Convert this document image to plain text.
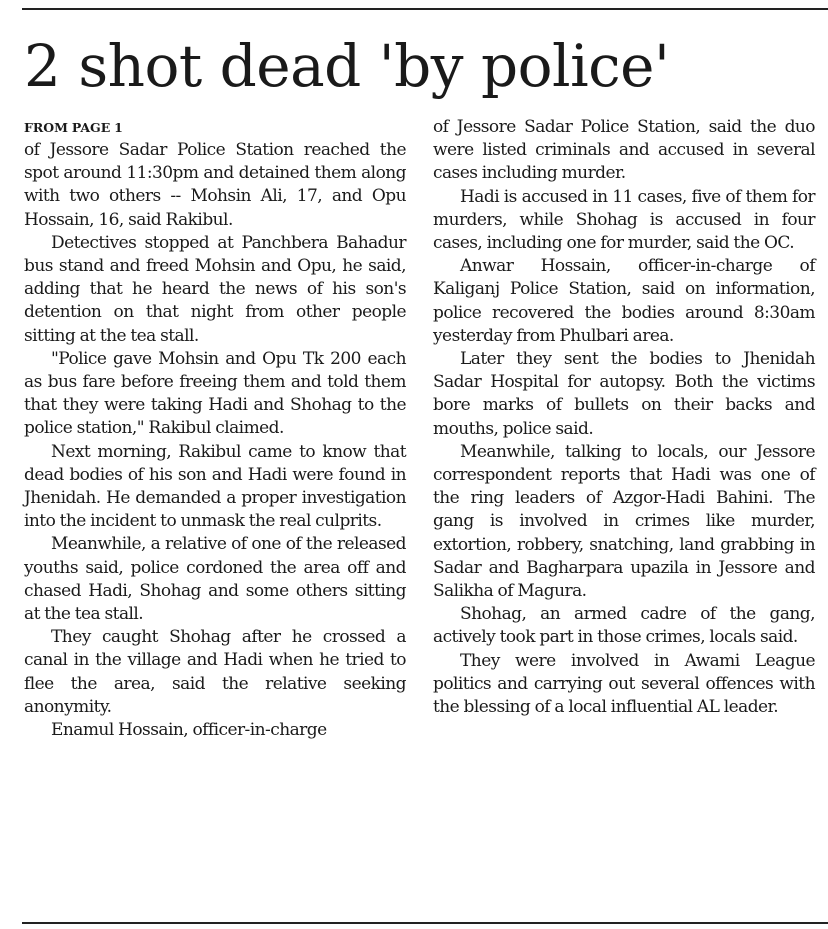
2 shot dead 'by police'
FROM PAGE 1

of Jessore Sadar Police Station reached the spot around 11:30pm and detained them along with two others -- Mohsin Ali, 17, and Opu Hossain, 16, said Rakibul.

Detectives stopped at Panchbera Bahadur bus stand and freed Mohsin and Opu, he said, adding that he heard the news of his son's detention on that night from other people sitting at the tea stall.

"Police gave Mohsin and Opu Tk 200 each as bus fare before freeing them and told them that they were taking Hadi and Shohag to the police station," Rakibul claimed.

Next morning, Rakibul came to know that dead bodies of his son and Hadi were found in Jhenidah. He demanded a proper investigation into the incident to unmask the real culprits.

Meanwhile, a relative of one of the released youths said, police cordoned the area off and chased Hadi, Shohag and some others sitting at the tea stall.

They caught Shohag after he crossed a canal in the village and Hadi when he tried to flee the area, said the relative seeking anonymity.

Enamul Hossain, officer-in-charge

of Jessore Sadar Police Station, said the duo were listed criminals and accused in several cases including murder.

Hadi is accused in 11 cases, five of them for murders, while Shohag is accused in four cases, including one for murder, said the OC.

Anwar Hossain, officer-in-charge of Kaliganj Police Station, said on information, police recovered the bodies around 8:30am yesterday from Phulbari area.

Later they sent the bodies to Jhenidah Sadar Hospital for autopsy. Both the victims bore marks of bullets on their backs and mouths, police said.

Meanwhile, talking to locals, our Jessore correspondent reports that Hadi was one of the ring leaders of Azgor-Hadi Bahini. The gang is involved in crimes like murder, extortion, robbery, snatching, land grabbing in Sadar and Bagharpara upazila in Jessore and Salikha of Magura.

Shohag, an armed cadre of the gang, actively took part in those crimes, locals said.

They were involved in Awami League politics and carrying out several offences with the blessing of a local influential AL leader.
